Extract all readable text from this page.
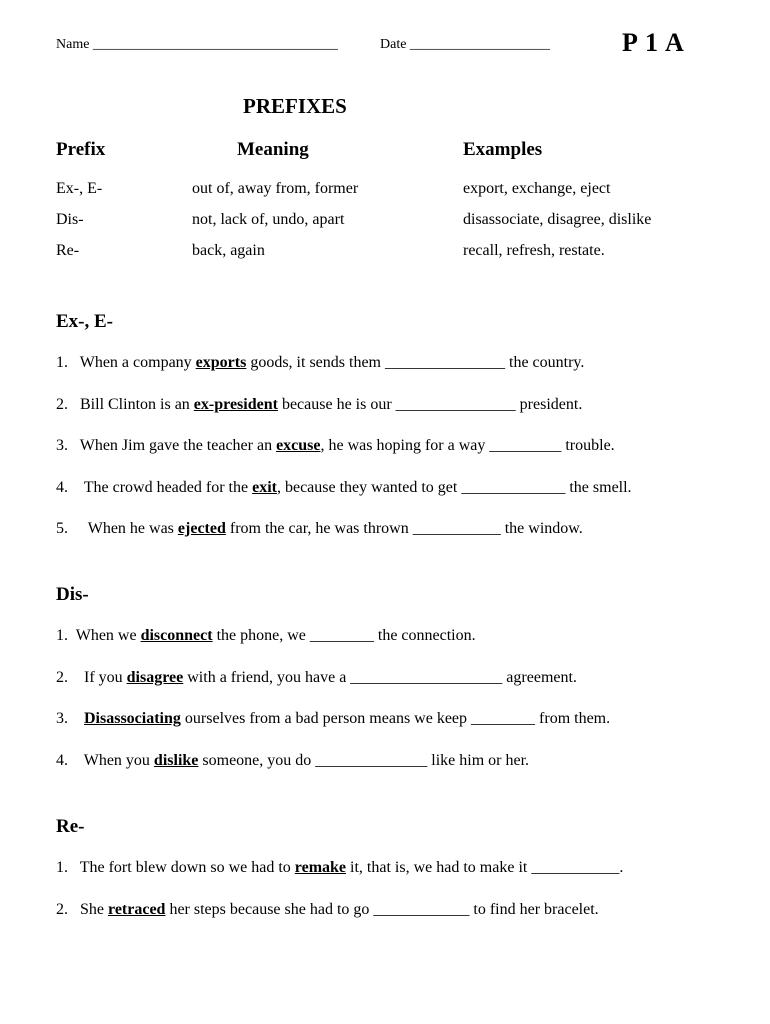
Name ___________________________________	Date ____________________	P 1 A
PREFIXES
Prefix	Meaning	Examples
Ex-, E-	out of, away from, former	export, exchange, eject
Dis-	not, lack of, undo, apart	disassociate, disagree, dislike
Re-	back, again	recall, refresh, restate.
Ex-, E-
1. When a company exports goods, it sends them _______________ the country.
2. Bill Clinton is an ex-president because he is our _______________ president.
3. When Jim gave the teacher an excuse, he was hoping for a way _________ trouble.
4. The crowd headed for the exit, because they wanted to get _____________ the smell.
5. When he was ejected from the car, he was thrown ___________ the window.
Dis-
1. When we disconnect the phone, we ________ the connection.
2. If you disagree with a friend, you have a ___________________ agreement.
3. Disassociating ourselves from a bad person means we keep ________ from them.
4. When you dislike someone, you do ______________ like him or her.
Re-
1. The fort blew down so we had to remake it, that is, we had to make it ___________.
2. She retraced her steps because she had to go ____________ to find her bracelet.
